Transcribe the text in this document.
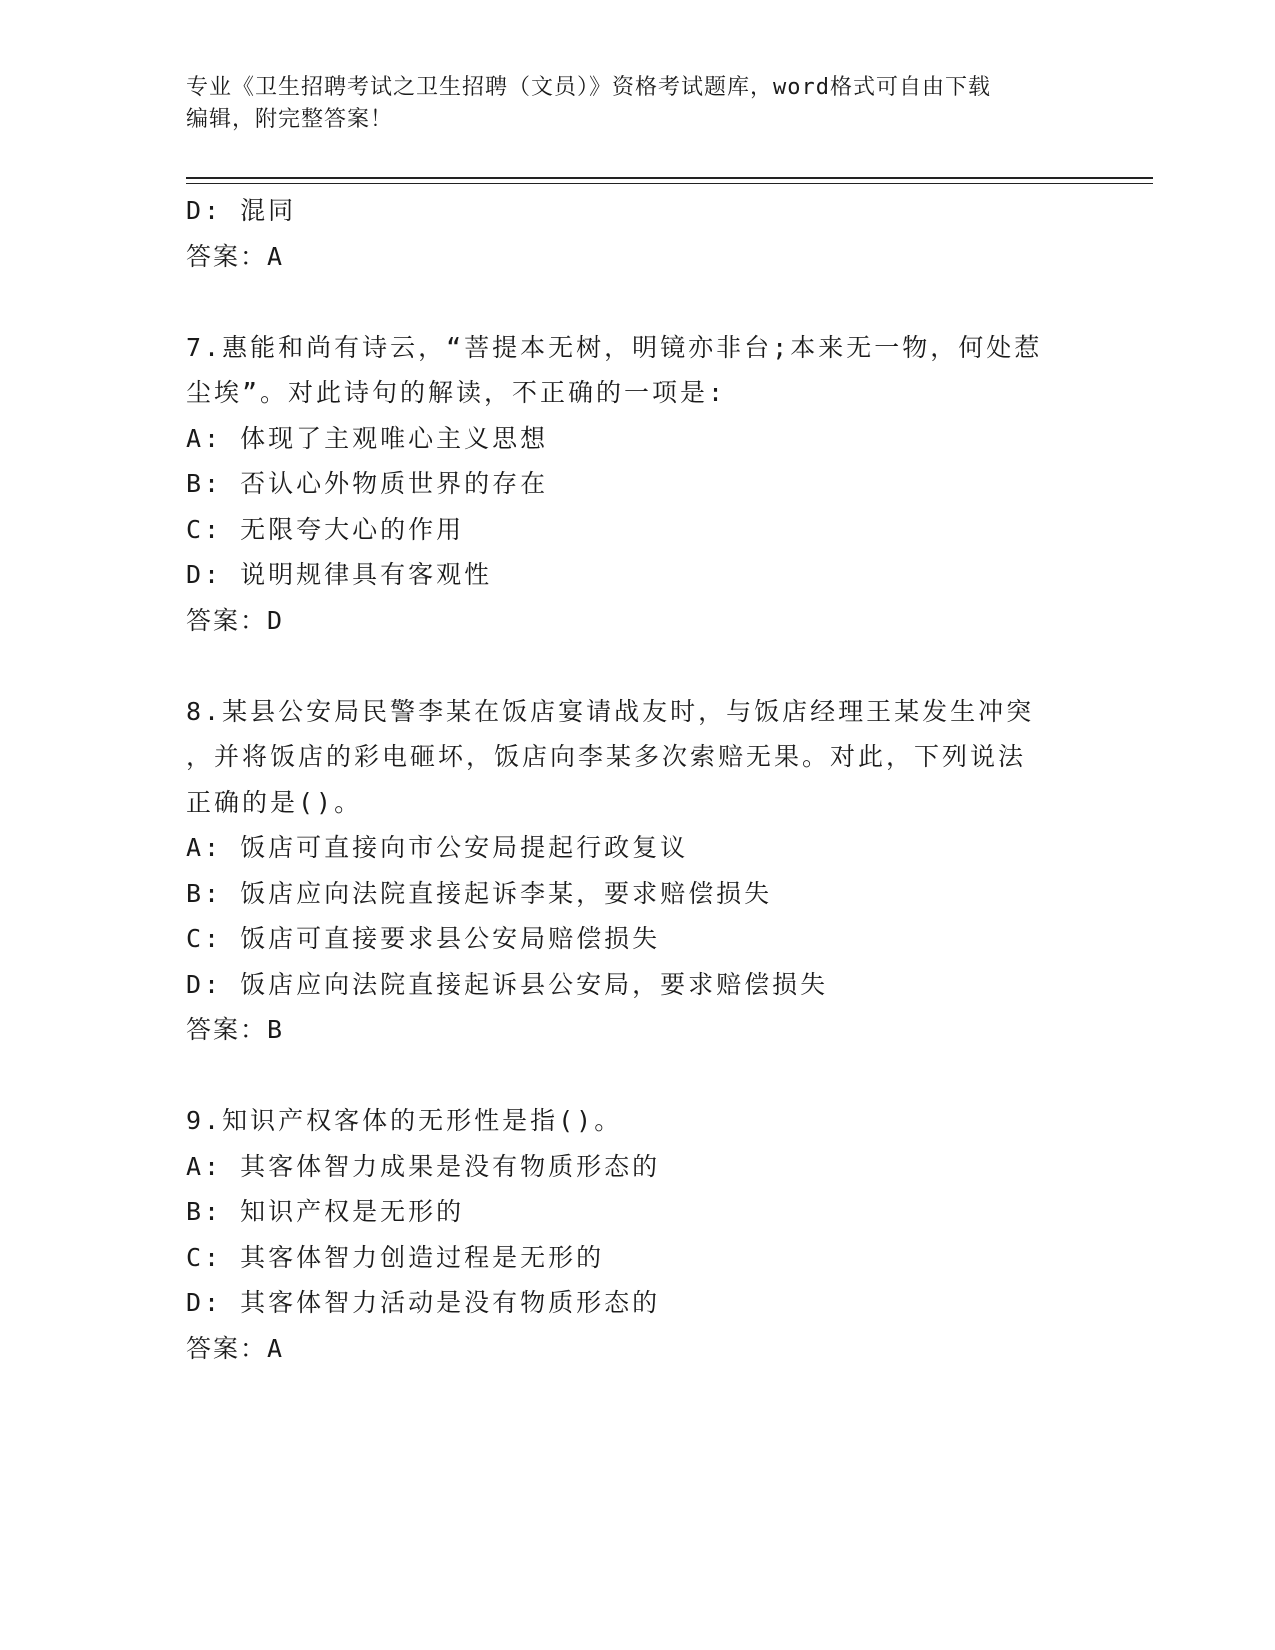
专业《卫生招聘考试之卫生招聘（文员）》资格考试题库，word格式可自由下载
编辑，附完整答案！
D: 混同
答案：A
7.惠能和尚有诗云，“菩提本无树，明镜亦非台;本来无一物，何处惹
尘埃”。对此诗句的解读，不正确的一项是:
A: 体现了主观唯心主义思想
B: 否认心外物质世界的存在
C: 无限夸大心的作用
D: 说明规律具有客观性
答案：D
8.某县公安局民警李某在饭店宴请战友时，与饭店经理王某发生冲突
，并将饭店的彩电砸坏，饭店向李某多次索赔无果。对此，下列说法
正确的是()。
A: 饭店可直接向市公安局提起行政复议
B: 饭店应向法院直接起诉李某，要求赔偿损失
C: 饭店可直接要求县公安局赔偿损失
D: 饭店应向法院直接起诉县公安局，要求赔偿损失
答案：B
9.知识产权客体的无形性是指()。
A: 其客体智力成果是没有物质形态的
B: 知识产权是无形的
C: 其客体智力创造过程是无形的
D: 其客体智力活动是没有物质形态的
答案：A
